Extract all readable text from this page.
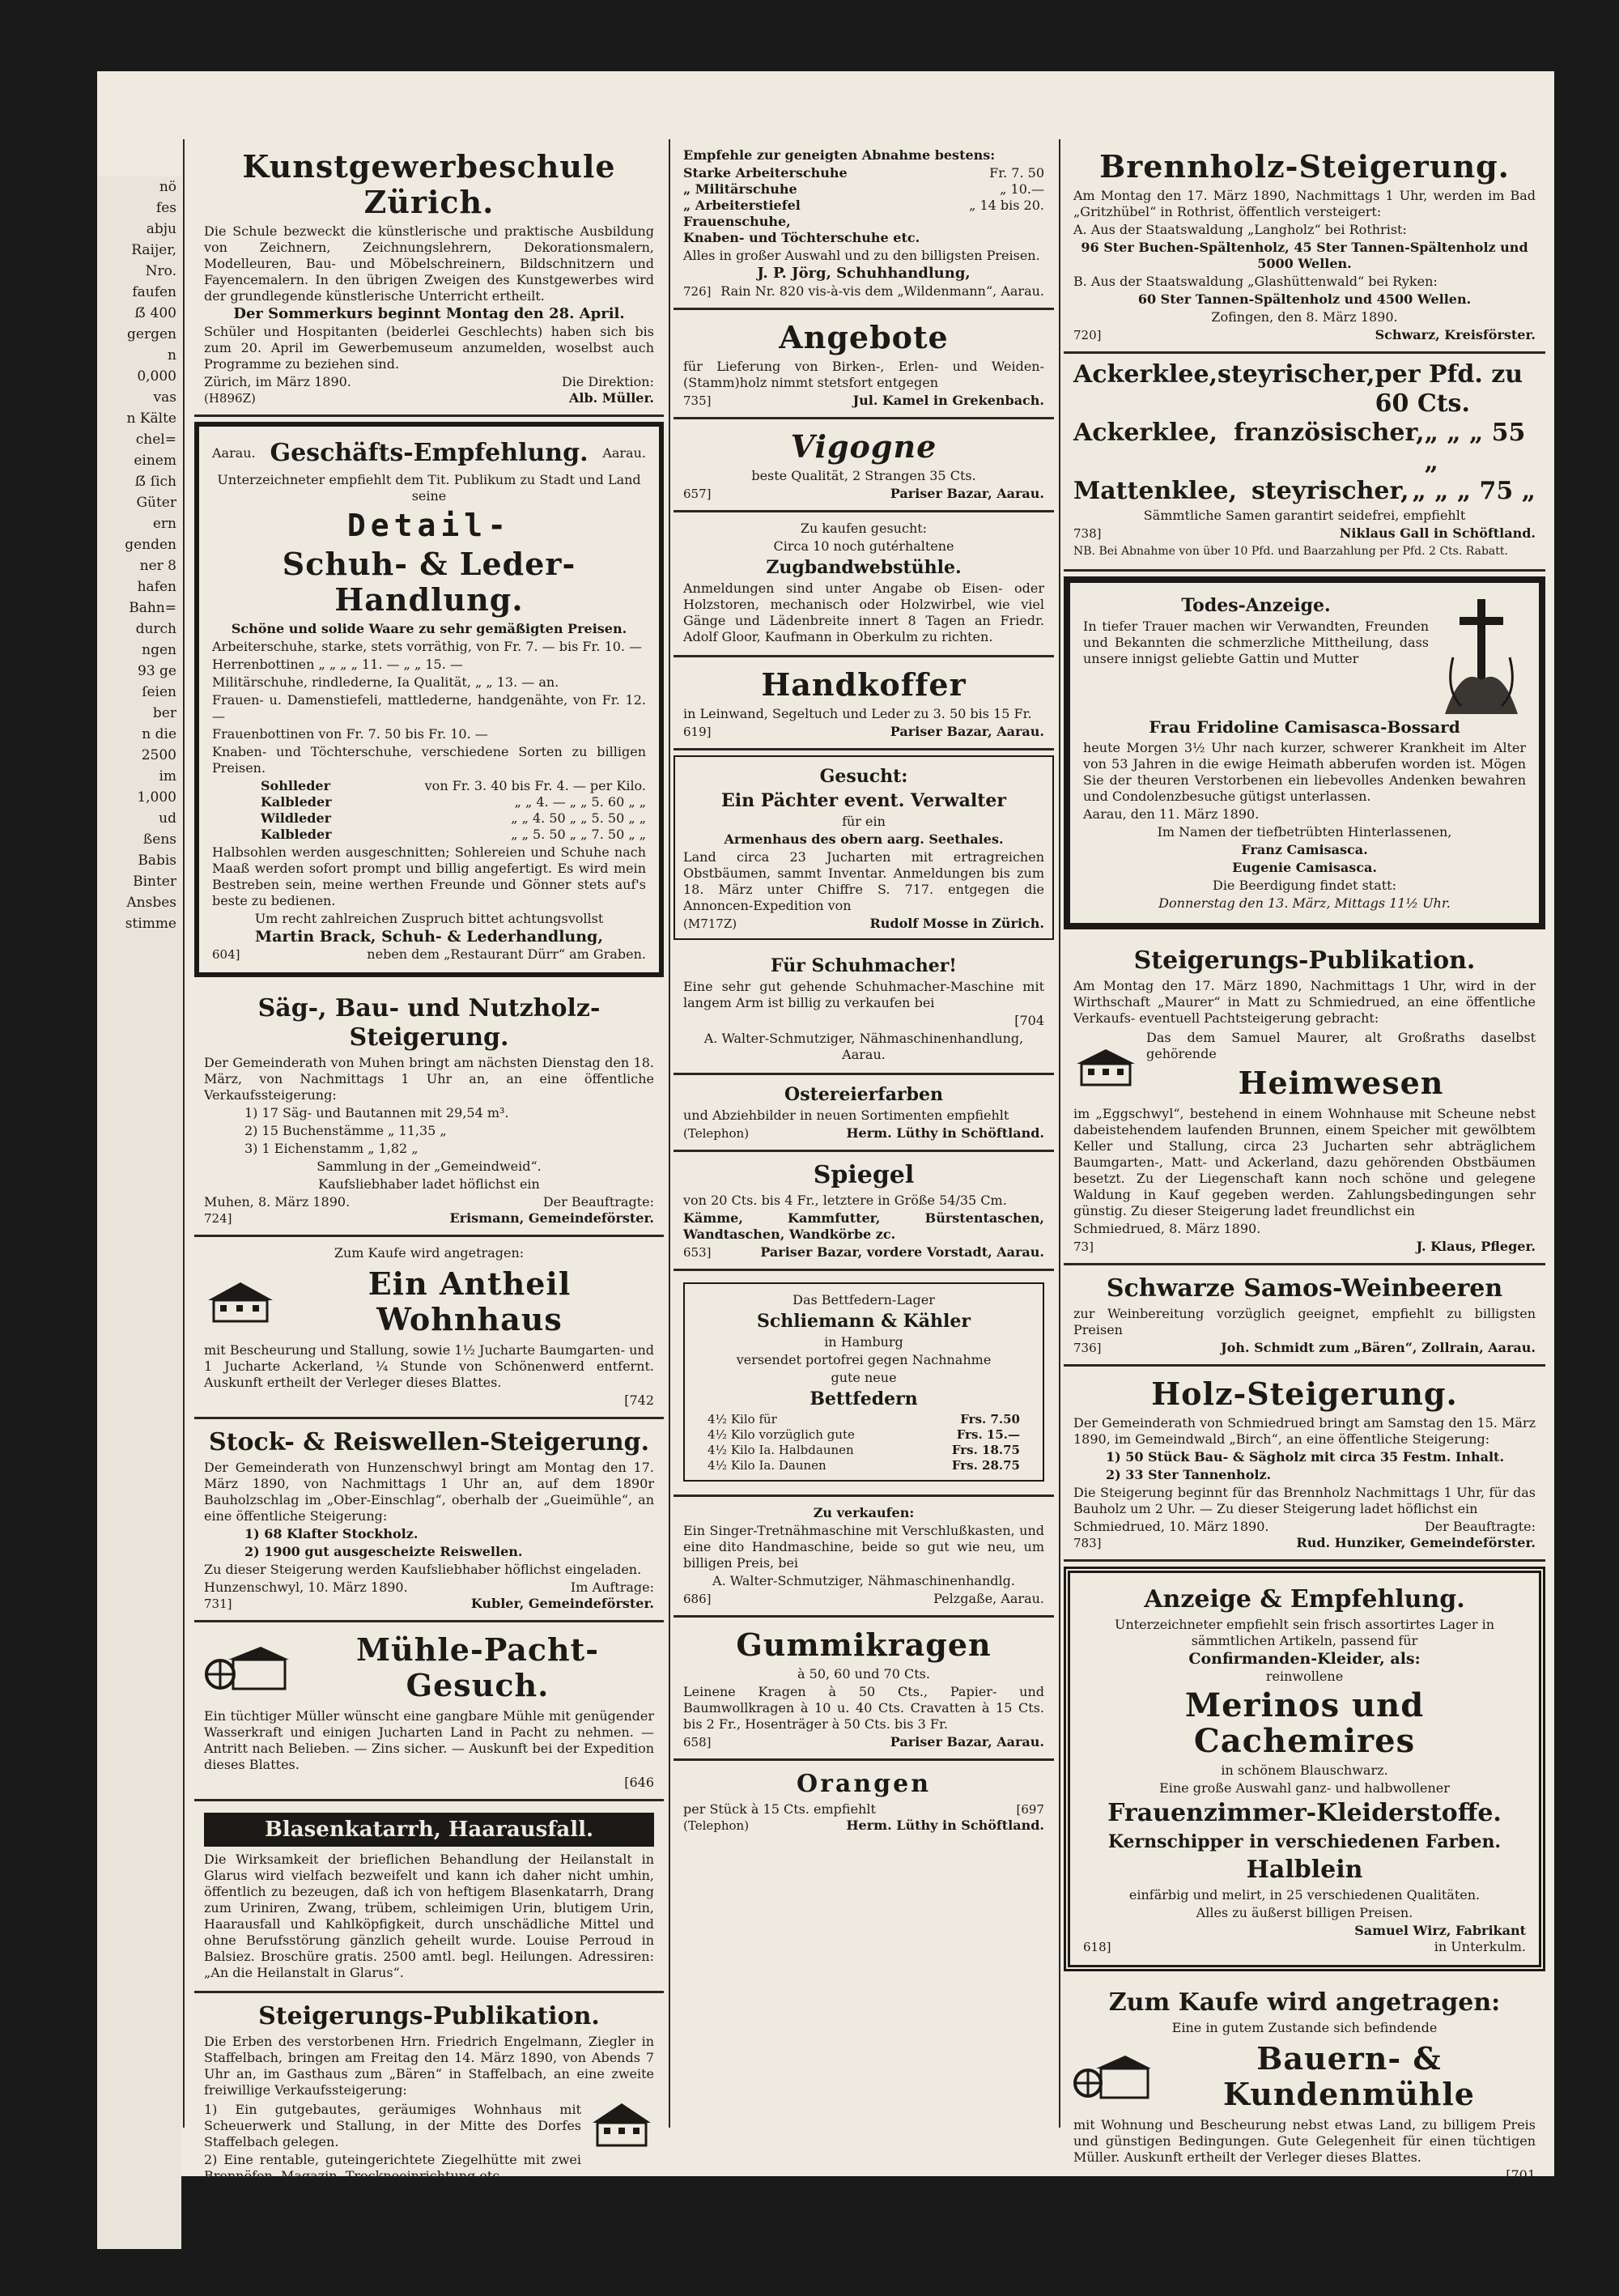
nö
fes
abju
Raijer,
Nro.
faufen
ẞ 400
gergen
n
0,000
vas
n Kälte
chel=
einem
ẞ ſich
Güter
ern
genden
ner 8
hafen
Bahn=
durch
ngen
93 ge
ſeien
ber
n die
2500
im
1,000
ud
ßens
Babis
Binter
Ansbes
stimme
Kunstgewerbeschule Zürich.
Die Schule bezweckt die künstlerische und praktische Ausbildung von Zeichnern, Zeichnungslehrern, Dekorationsmalern, Modelleuren, Bau- und Möbelschreinern, Bildschnitzern und Fayencemalern. In den übrigen Zweigen des Kunstgewerbes wird der grundlegende künstlerische Unterricht ertheilt.
Der Sommerkurs beginnt Montag den 28. April.
Schüler und Hospitanten (beiderlei Geschlechts) haben sich bis zum 20. April im Gewerbemuseum anzumelden, woselbst auch Programme zu beziehen sind.
Zürich, im März 1890.	Die Direktion:
(H896Z)	Alb. Müller.
Aarau. Geschäfts-Empfehlung. Aarau.
Unterzeichneter empfiehlt dem Tit. Publikum zu Stadt und Land seine
Detail-
Schuh- & Leder-Handlung.
Schöne und solide Waare zu sehr gemäßigten Preisen.
Arbeiterschuhe, starke, stets vorräthig, von Fr. 7. — bis Fr. 10. —
Herrenbottinen „ „ „ „ 11. — „ „ 15. —
Militärschuhe, rindlederne, Ia Qualität, „ „ 13. — an.
Frauen- u. Damenstiefeli, mattlederne, handgenähte, von Fr. 12. —
Frauenbottinen von Fr. 7. 50 bis Fr. 10. —
Knaben- und Töchterschuhe, verschiedene Sorten zu billigen Preisen.
Sohlleder	von Fr. 3. 40 bis Fr. 4. — per Kilo.
Kalbleder	„ „ 4. — „ „ 5. 60 „ „
Wildleder	„ „ 4. 50 „ „ 5. 50 „ „
Kalbleder	„ „ 5. 50 „ „ 7. 50 „ „
Halbsohlen werden ausgeschnitten; Sohlereien und Schuhe nach Maaß werden sofort prompt und billig angefertigt. Es wird mein Bestreben sein, meine werthen Freunde und Gönner stets auf's beste zu bedienen.
Um recht zahlreichen Zuspruch bittet achtungsvollst
Martin Brack, Schuh- & Lederhandlung,
604]	neben dem „Restaurant Dürr“ am Graben.
Säg-, Bau- und Nutzholz-Steigerung.
Der Gemeinderath von Muhen bringt am nächsten Dienstag den 18. März, von Nachmittags 1 Uhr an, an eine öffentliche Verkaufssteigerung:
1) 17 Säg- und Bautannen mit 29,54 m³.
2) 15 Buchenstämme „ 11,35 „
3) 1 Eichenstamm „ 1,82 „
Sammlung in der „Gemeindweid“.
Kaufsliebhaber ladet höflichst ein
Muhen, 8. März 1890.	Der Beauftragte:
724]	Erismann, Gemeindeförster.
Zum Kaufe wird angetragen:
Ein Antheil Wohnhaus
mit Bescheurung und Stallung, sowie 1½ Jucharte Baumgarten- und 1 Jucharte Ackerland, ¼ Stunde von Schönenwerd entfernt. Auskunft ertheilt der Verleger dieses Blattes.
[742
Stock- & Reiswellen-Steigerung.
Der Gemeinderath von Hunzenschwyl bringt am Montag den 17. März 1890, von Nachmittags 1 Uhr an, auf dem 1890r Bauholzschlag im „Ober-Einschlag“, oberhalb der „Gueimühle“, an eine öffentliche Steigerung:
1) 68 Klafter Stockholz.
2) 1900 gut ausgescheizte Reiswellen.
Zu dieser Steigerung werden Kaufsliebhaber höflichst eingeladen.
Hunzenschwyl, 10. März 1890.	Im Auftrage:
731]	Kubler, Gemeindeförster.
Mühle-Pacht-Gesuch.
Ein tüchtiger Müller wünscht eine gangbare Mühle mit genügender Wasserkraft und einigen Jucharten Land in Pacht zu nehmen. — Antritt nach Belieben. — Zins sicher. — Auskunft bei der Expedition dieses Blattes.
[646
Blasenkatarrh, Haarausfall.
Die Wirksamkeit der brieflichen Behandlung der Heilanstalt in Glarus wird vielfach bezweifelt und kann ich daher nicht umhin, öffentlich zu bezeugen, daß ich von heftigem Blasenkatarrh, Drang zum Uriniren, Zwang, trübem, schleimigen Urin, blutigem Urin, Haarausfall und Kahlköpfigkeit, durch unschädliche Mittel und ohne Berufsstörung gänzlich geheilt wurde. Louise Perroud in Balsiez. Broschüre gratis. 2500 amtl. begl. Heilungen. Adressiren: „An die Heilanstalt in Glarus“.
Steigerungs-Publikation.
Die Erben des verstorbenen Hrn. Friedrich Engelmann, Ziegler in Staffelbach, bringen am Freitag den 14. März 1890, von Abends 7 Uhr an, im Gasthaus zum „Bären“ in Staffelbach, an eine zweite freiwillige Verkaufssteigerung:
1) Ein gutgebautes, geräumiges Wohnhaus mit Scheuerwerk und Stallung, in der Mitte des Dorfes Staffelbach gelegen.
2) Eine rentable, guteingerichtete Ziegelhütte mit zwei Brennöfen, Magazin, Trockneeinrichtung etc.
3) Circa 6 Hektaren und 70 Aren abträgliches Baumgarten-, Matt-, Acker- und Holzland, in verschiedenen Parzellen.
Bedingungen günstig. Kaufsliebhaber ladet freundlichst ein
Staffelbach, 6. März 1890.	Der Beauftragte:
699]	Brändli, Gemeindeschreiber.
Empfehle zur geneigten Abnahme bestens:
Starke Arbeiterschuhe	Fr. 7. 50
„ Militärschuhe	„ 10.—
„ Arbeiterstiefel	„ 14 bis 20.
Frauenschuhe,
Knaben- und Töchterschuhe etc.
Alles in großer Auswahl und zu den billigsten Preisen.
J. P. Jörg, Schuhhandlung,
726] Rain Nr. 820 vis-à-vis dem „Wildenmann“, Aarau.
Angebote
für Lieferung von Birken-, Erlen- und Weiden-(Stamm)holz nimmt stetsfort entgegen
735]	Jul. Kamel in Grekenbach.
Vigogne
beste Qualität, 2 Strangen 35 Cts.
657]	Pariser Bazar, Aarau.
Zu kaufen gesucht:
Circa 10 noch gutérhaltene
Zugbandwebstühle.
Anmeldungen sind unter Angabe ob Eisen- oder Holzstoren, mechanisch oder Holzwirbel, wie viel Gänge und Lädenbreite innert 8 Tagen an Friedr. Adolf Gloor, Kaufmann in Oberkulm zu richten.
Handkoffer
in Leinwand, Segeltuch und Leder zu 3. 50 bis 15 Fr.
619]	Pariser Bazar, Aarau.
Gesucht:
Ein Pächter event. Verwalter
für ein
Armenhaus des obern aarg. Seethales.
Land circa 23 Jucharten mit ertragreichen Obstbäumen, sammt Inventar. Anmeldungen bis zum 18. März unter Chiffre S. 717. entgegen die Annoncen-Expedition von
(M717Z)	Rudolf Mosse in Zürich.
Für Schuhmacher!
Eine sehr gut gehende Schuhmacher-Maschine mit langem Arm ist billig zu verkaufen bei
[704
A. Walter-Schmutziger, Nähmaschinenhandlung, Aarau.
Ostereierfarben
und Abziehbilder in neuen Sortimenten empfiehlt
(Telephon)	Herm. Lüthy in Schöftland.
Spiegel
von 20 Cts. bis 4 Fr., letztere in Größe 54/35 Cm.
Kämme, Kammfutter, Bürstentaschen, Wandtaschen, Wandkörbe zc.
653]	Pariser Bazar, vordere Vorstadt, Aarau.
Das Bettfedern-Lager
Schliemann & Kähler
in Hamburg
versendet portofrei gegen Nachnahme
gute neue
Bettfedern
4½ Kilo für	Frs. 7.50
4½ Kilo vorzüglich gute	Frs. 15.—
4½ Kilo Ia. Halbdaunen	Frs. 18.75
4½ Kilo Ia. Daunen	Frs. 28.75
Zu verkaufen:
Ein Singer-Tretnähmaschine mit Verschlußkasten, und eine dito Handmaschine, beide so gut wie neu, um billigen Preis, bei
A. Walter-Schmutziger, Nähmaschinenhandlg.
686]	Pelzgaße, Aarau.
Gummikragen
à 50, 60 und 70 Cts.
Leinene Kragen à 50 Cts., Papier- und Baumwollkragen à 10 u. 40 Cts. Cravatten à 15 Cts. bis 2 Fr., Hosenträger à 50 Cts. bis 3 Fr.
658]	Pariser Bazar, Aarau.
Orangen
per Stück à 15 Cts. empfiehlt	[697
(Telephon)	Herm. Lüthy in Schöftland.
Brennholz-Steigerung.
Am Montag den 17. März 1890, Nachmittags 1 Uhr, werden im Bad „Gritzhübel“ in Rothrist, öffentlich versteigert:
A. Aus der Staatswaldung „Langholz“ bei Rothrist:
96 Ster Buchen-Spältenholz, 45 Ster Tannen-Spältenholz und 5000 Wellen.
B. Aus der Staatswaldung „Glashüttenwald“ bei Ryken:
60 Ster Tannen-Spältenholz und 4500 Wellen.
Zofingen, den 8. März 1890.
720]	Schwarz, Kreisförster.
Ackerklee, steyrischer, per Pfd. zu 60 Cts.
Ackerklee, französischer, „ „ „ 55 „
Mattenklee, steyrischer, „ „ „ 75 „
Sämmtliche Samen garantirt seidefrei, empfiehlt
738]	Niklaus Gall in Schöftland.
NB. Bei Abnahme von über 10 Pfd. und Baarzahlung per Pfd. 2 Cts. Rabatt.
Todes-Anzeige.
In tiefer Trauer machen wir Verwandten, Freunden und Bekannten die schmerzliche Mittheilung, dass unsere innigst geliebte Gattin und Mutter
Frau Fridoline Camisasca-Bossard
heute Morgen 3½ Uhr nach kurzer, schwerer Krankheit im Alter von 53 Jahren in die ewige Heimath abberufen worden ist. Mögen Sie der theuren Verstorbenen ein liebevolles Andenken bewahren und Condolenzbesuche gütigst unterlassen.
Aarau, den 11. März 1890.
Im Namen der tiefbetrübten Hinterlassenen,
Franz Camisasca.
Eugenie Camisasca.
Die Beerdigung findet statt:
Donnerstag den 13. März, Mittags 11½ Uhr.
Steigerungs-Publikation.
Am Montag den 17. März 1890, Nachmittags 1 Uhr, wird in der Wirthschaft „Maurer“ in Matt zu Schmiedrued, an eine öffentliche Verkaufs- eventuell Pachtsteigerung gebracht:
Das dem Samuel Maurer, alt Großraths daselbst gehörende
Heimwesen
im „Eggschwyl“, bestehend in einem Wohnhause mit Scheune nebst dabeistehendem laufenden Brunnen, einem Speicher mit gewölbtem Keller und Stallung, circa 23 Jucharten sehr abträglichem Baumgarten-, Matt- und Ackerland, dazu gehörenden Obstbäumen besetzt. Zu der Liegenschaft kann noch schöne und gelegene Waldung in Kauf gegeben werden. Zahlungsbedingungen sehr günstig. Zu dieser Steigerung ladet freundlichst ein
Schmiedrued, 8. März 1890.
73]	J. Klaus, Pfleger.
Schwarze Samos-Weinbeeren
zur Weinbereitung vorzüglich geeignet, empfiehlt zu billigsten Preisen
736]	Joh. Schmidt zum „Bären“, Zollrain, Aarau.
Holz-Steigerung.
Der Gemeinderath von Schmiedrued bringt am Samstag den 15. März 1890, im Gemeindwald „Birch“, an eine öffentliche Steigerung:
1) 50 Stück Bau- & Sägholz mit circa 35 Festm. Inhalt.
2) 33 Ster Tannenholz.
Die Steigerung beginnt für das Brennholz Nachmittags 1 Uhr, für das Bauholz um 2 Uhr. — Zu dieser Steigerung ladet höflichst ein
Schmiedrued, 10. März 1890.	Der Beauftragte:
783]	Rud. Hunziker, Gemeindeförster.
Anzeige & Empfehlung.
Unterzeichneter empfiehlt sein frisch assortirtes Lager in sämmtlichen Artikeln, passend für
Confirmanden-Kleider, als:
reinwollene
Merinos und Cachemires
in schönem Blauschwarz.
Eine große Auswahl ganz- und halbwollener
Frauenzimmer-Kleiderstoffe.
Kernschipper in verschiedenen Farben.
Halblein
einfärbig und melirt, in 25 verschiedenen Qualitäten.
Alles zu äußerst billigen Preisen.
Samuel Wirz, Fabrikant
618]	in Unterkulm.
Zum Kaufe wird angetragen:
Eine in gutem Zustande sich befindende
Bauern- & Kundenmühle
mit Wohnung und Bescheurung nebst etwas Land, zu billigem Preis und günstigen Bedingungen. Gute Gelegenheit für einen tüchtigen Müller. Auskunft ertheilt der Verleger dieses Blattes.
[701
